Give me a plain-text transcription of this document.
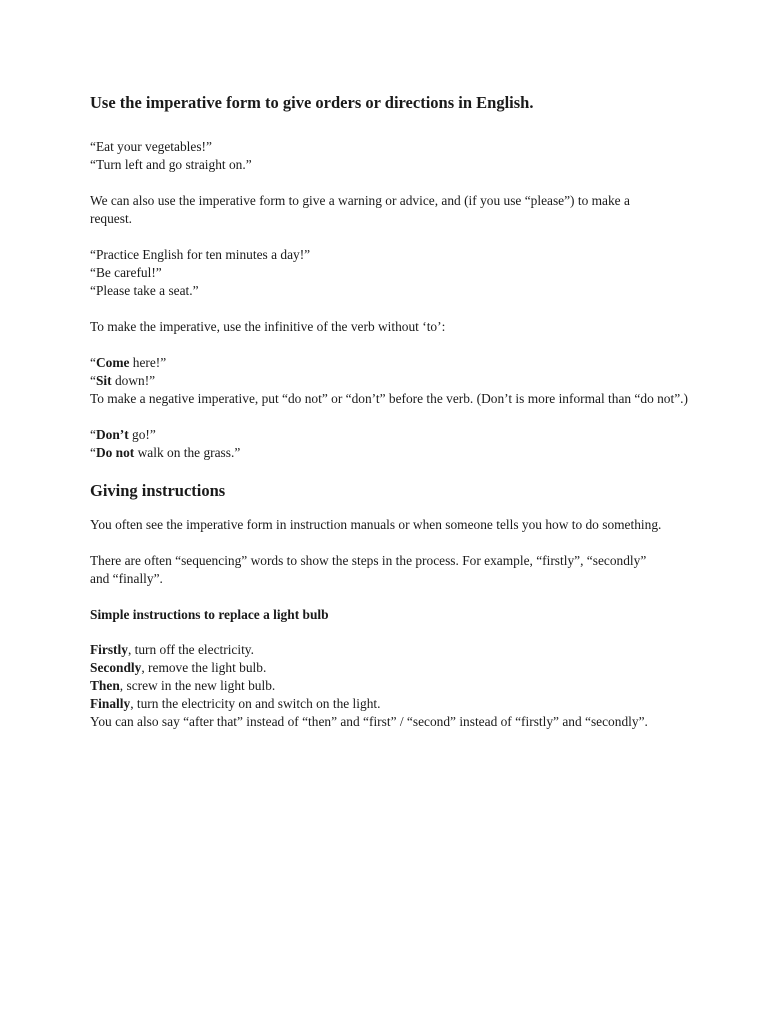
Use the imperative form to give orders or directions in English.

“Eat your vegetables!”

“Turn left and go straight on.”

We can also use the imperative form to give a warning or advice, and (if you use “please”) to make a request.

“Practice English for ten minutes a day!”

“Be careful!”

“Please take a seat.”

To make the imperative, use the infinitive of the verb without ‘to’:

“Come here!”

“Sit down!”

To make a negative imperative, put “do not” or “don’t” before the verb. (Don’t is more informal than “do not”.)

“Don’t go!”

“Do not walk on the grass.”

Giving instructions

You often see the imperative form in instruction manuals or when someone tells you how to do something.

There are often “sequencing” words to show the steps in the process. For example, “firstly”, “secondly” and “finally”.

Simple instructions to replace a light bulb

Firstly, turn off the electricity.

Secondly, remove the light bulb.

Then, screw in the new light bulb.

Finally, turn the electricity on and switch on the light.

You can also say “after that” instead of “then” and “first” / “second” instead of “firstly” and “secondly”.
